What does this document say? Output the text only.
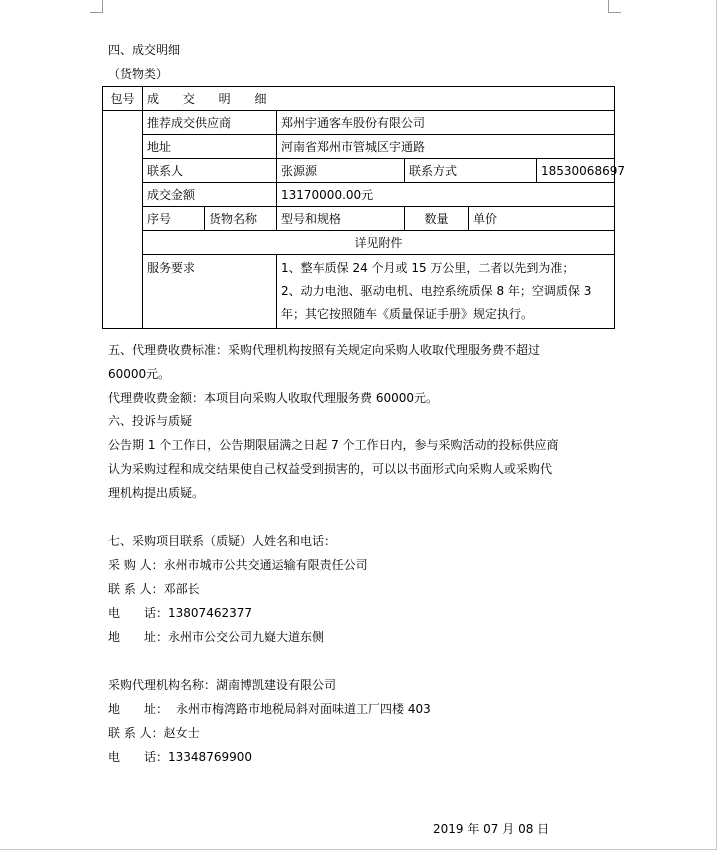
四、成交明细
（货物类）
包号	成 交 明 细						
	推荐成交供应商		郑州宇通客车股份有限公司				
	地址		河南省郑州市管城区宇通路				
	联系人		张源源	联系方式		18530068697	
	成交金额		13170000.00元				
	序号	货物名称	型号和规格	数量	单价	
	详见附件						
	服务要求		1、整车质保 24 个月或 15 万公里，二者以先到为准；
2、动力电池、驱动电机、电控系统质保 8 年；空调质保 3
年；其它按照随车《质量保证手册》规定执行。				
五、代理费收费标准：采购代理机构按照有关规定向采购人收取代理服务费不超过
60000元。
代理费收费金额：本项目向采购人收取代理服务费 60000元。
六、投诉与质疑
公告期 1 个工作日，公告期限届满之日起 7 个工作日内，参与采购活动的投标供应商
认为采购过程和成交结果使自己权益受到损害的，可以以书面形式向采购人或采购代
理机构提出质疑。
七、采购项目联系（质疑）人姓名和电话：
采 购 人：永州市城市公共交通运输有限责任公司
联 系 人：邓部长
电　　话：13807462377
地　　址：永州市公交公司九嶷大道东侧
采购代理机构名称：湖南博凯建设有限公司
地　　址： 永州市梅湾路市地税局斜对面味道工厂四楼 403
联 系 人：赵女士
电　　话：13348769900
2019 年 07 月 08 日
